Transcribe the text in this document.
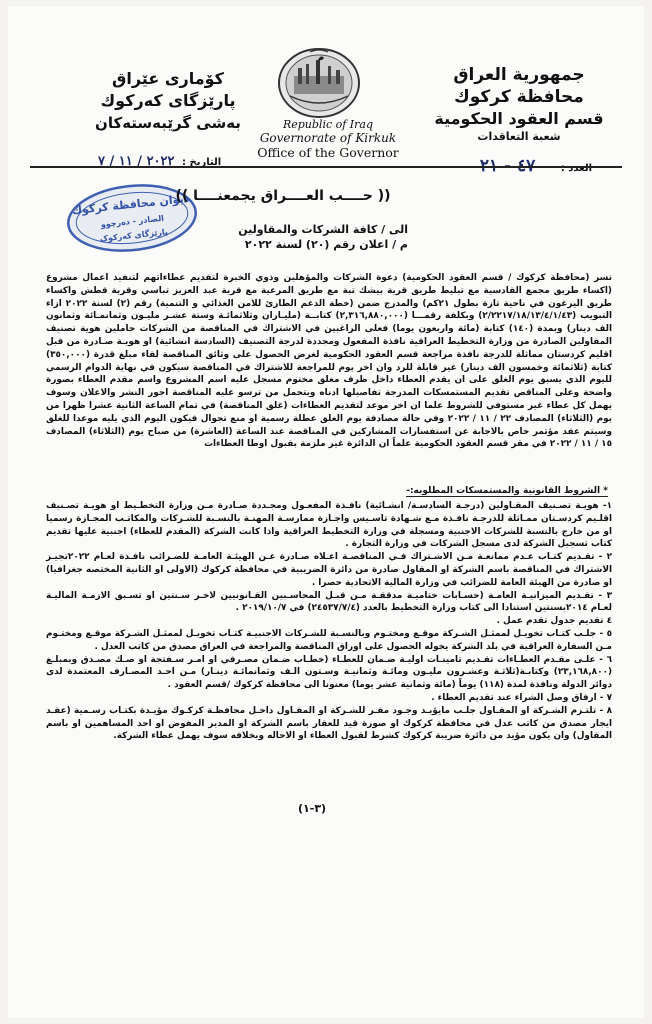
جمهورية العراق
محافظة كركوك
قسم العقود الحكومية
شعبة التعاقدات
كۆماری عێراق
پارێزگای كەركوك
بەشی گرێبەستەكان	Republic of Iraq
Governorate of Kirkuk
Office of the Governor
التاريخ : ٢٠٢٢ / ١١ / ٧	العدد : ٤٧ - ٢١
ديوان محافظة كركوك
الصادر - دەرچوو
پارێزگای کەرکوک
(( حــــب العــــراق يجمعنــــا ))
الى / كافة الشركات والمقاولين
م / اعلان رقم (٢٠) لسنة ٢٠٢٢

تسر (محافظة كركوك / قسم العقود الحكومية) دعوة الشركات والمؤهلين وذوي الخبرة لتقديم عطاءاتهم لتنفيذ اعمال مشروع (اكساء طريق مجمع القادسية مع تبليط طريق قرية بيشك تبة مع طريق المرعية مع قرية عبد العزيز تباسي وقرية قطش واكساء طريق اليرغون في ناحية تازة بطول ٢١كم) والمدرج ضمن (خطة الدعم الطارئ للامن الغذائي و التنمية) رقم (٢) لسنة ٢٠٢٢ ازاء التبويب (٢/٢٢١٧/١٨/١٣/٤/١/٤٣) وبكلفة رقمـــا (٢,٣١٦,٨٨٠,٠٠٠) كتابــة (مليـاران وثلاثمائـة وستة عشـر مليـون وثمانمـائة وثمانون الف دينار) وبمدة (١٤٠) كتابة (مائة واربعون يوما) فعلى الراغبين في الاشتراك في المناقصة من الشركات حاملين هوية تصنيف المقاولين الصادرة من وزارة التخطيط العراقية نافذة المفعول ومجددة لدرجة التصنيف (السادسة انشائية) او هويـة صـادرة من قبل اقليم كردستان مماثلة للدرجة نافذة مراجعة قسم العقود الحكومية لغرض الحصول على وثائق المناقصة لقاء مبلغ قدرة (٣٥٠,٠٠٠) كتابة (ثلاثمائة وخمسون الف دينار) غير قابلة للرد وان اخر يوم للمراجعة للاشتراك في المناقصة سيكون في نهاية الدوام الرسمي لليوم الذي يسبق يوم الغلق على ان يقدم العطاء داخل ظرف مغلق مختوم مسجل عليه اسم المشروع واسم مقدم العطاء بصورة واضحة وعلى المناقص تقديم المستمسكات المدرجة تفاصيلها ادناه ويتحمل من ترسو عليه المناقصة اجور النشر والاعلان وسوف يهمل كل عطاء غير مستوفي للشروط علما ان اخر موعد لتقديم العطاءات (غلق المناقصة) في تمام الساعة الثانية عشرا ظهرا من يوم (الثلاثاء) المصادف ٢٢ / ١١ / ٢٠٢٢ وفي حالة مصادفة يوم الغلق عطلة رسمية او منع تجوال فيكون اليوم الذي يليه موعدا للغلق وسيتم عقد مؤتمر خاص بالاجابة عن استفسارات المشاركين في المناقصة عند الساعة (العاشرة) من صباح يوم (الثلاثاء) المصادف ١٥ / ١١ / ٢٠٢٢ في مقر قسم العقود الحكومية علماً ان الدائرة غير ملزمة بقبول اوطا العطاءات

* الشروط القانونية والمستمسكات المطلوبه:-

١- هويـة تصـنيف المقـاولين (درجـة السادسـة/ انشـائية) نافـذة المفعـول ومجـددة صـادرة مـن وزارة التخطـيط او هويـة تصـنيف اقلـيم كردسـتان ممـاثلة للدرجـة نافـذة مـع شـهادة تاسـيس واجـازة ممارسـة المهنـة بالنسـبة للشـركات والمكاتـب المجـازة رسميا او من خارج بالنسبة للشركات الاجنبية ومسجلة في وزارة التخطيط العراقية واذا كانت الشركة (المقدم للعطاء) اجنبية عليها تقديم كتاب تسجيل الشركة لدى مسجل الشركات في وزارة التجارة .

٢ - تقـديم كتـاب عـدم ممانعـة مـن الاشـتراك فـي المناقصـة اعـلاه صـادرة عـن الهيئـة العامـة للضـرائب نافـذة لعـام ٢٠٢٢تجيـز الاشتراك في المناقصة باسم الشركة او المقاول صادرة من دائرة الضريبية في محافظة كركوك (الاولى او الثانية المختصه جغرافيا) او صادرة من الهيئة العامة للضرائب في وزارة المالية الاتحادية حصرا .

٣ - تقـديم الميزانيـة العامـة (حسـابات ختاميـة مدققـة مـن قبـل المحاسـبين القـانونيين لاخـر سـنتين او تسـبق الازمـة الماليـة لعـام ٢٠١٤بسنتين استنادا الى كتاب وزارة التخطيط بالعدد (٢٤٥٣٧/٧/٤) في ٢٠١٩/١٠/٧ .

٤ تقديم جدول تقدم عمل .

٥ - جلـب كتـاب تخويـل لممثـل الشـركة موقـع ومختـوم وبالنسـبة للشـركات الاجنبيـة كتـاب تخويـل لممثـل الشـركة موقـع ومختـوم مـن السفارة العراقية في بلد الشركة يخوله الحصول على اوراق المناقصة والمراجعة في العراق مصدق من كاتب العدل .

٦ - علـى مقـدم العطـاءات تقـديم تامينـات اوليـة ضـمان للعطـاء (خطـاب ضـمان مصـرفي او امـر سـفتجة او صـك مصـدق وبمبلـغ (٢٣,١٦٨,٨٠٠) وكتابـة(ثلاثـة وعشـرون مليـون ومائـة وثمانيـة وسـتون الـف وثمانمائـة دينـار) مـن احـد المصـارف المعتمدة لدى دوائر الدولة ونافذة لمدة (١١٨) يوماً (مائة وثمانية عشر يوما) معنونا الى محافظة كركوك /قسم العقود .

٧ - ارفاق وصل الشراء عند تقديم العطاء .

٨ - تلتـزم الشـركة او المقـاول جلـب مايؤيـد وجـود مقـر للشـركة او المقـاول داخـل محافظـة كركـوك مؤيـدة بكتـاب رسـمية (عقـد ايجار مصدق من كاتب عدل في محافظة كركوك او صورة قيد للعقار باسم الشركة او المدير المفوض او احد المساهمين او باسم المقاول) وان يكون مؤيد من دائرة ضريبة كركوك كشرط لقبول العطاء او الاحاله وبخلافه سوف يهمل عطاء الشركة.

(٣-١)
